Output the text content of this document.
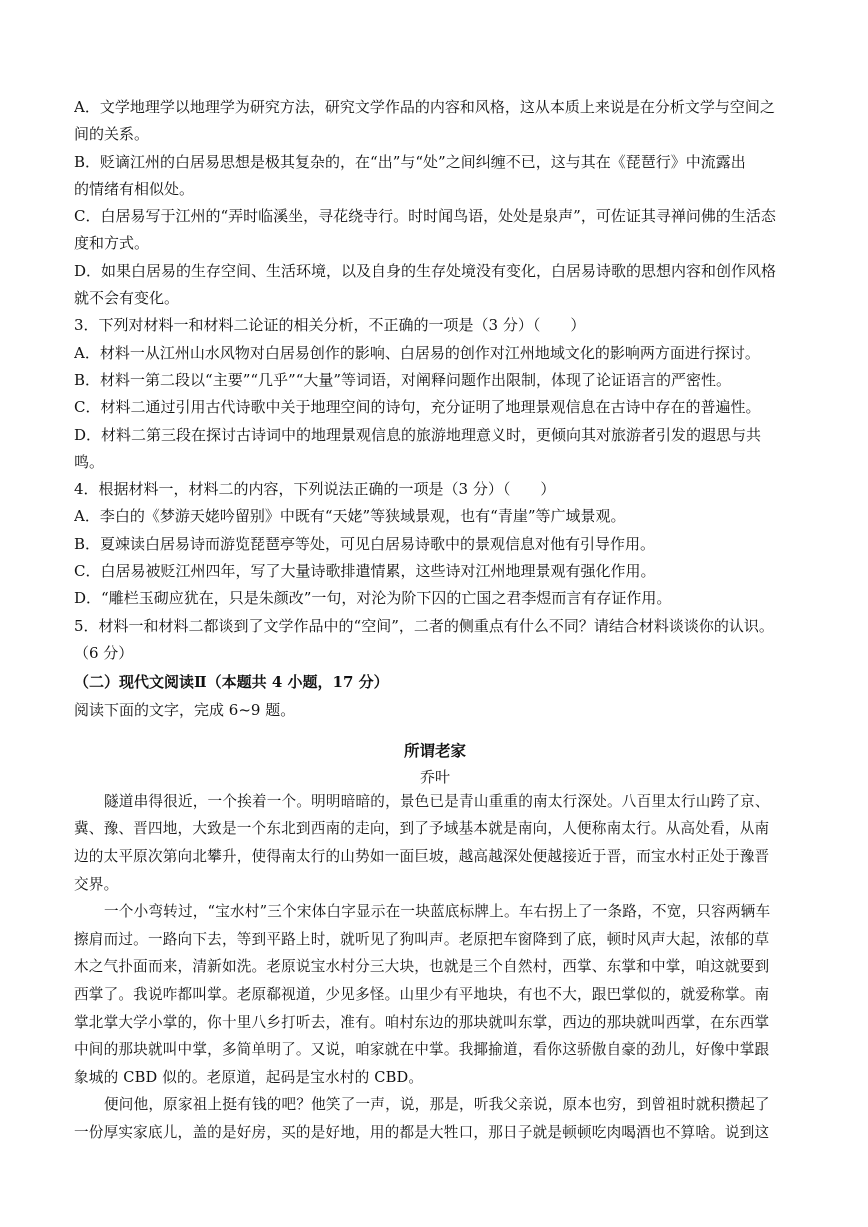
A．文学地理学以地理学为研究方法，研究文学作品的内容和风格，这从本质上来说是在分析文学与空间之

间的关系。

B．贬谪江州的白居易思想是极其复杂的，在“出”与“处”之间纠缠不已，这与其在《琵琶行》中流露出

的情绪有相似处。

C．白居易写于江州的“弄时临溪坐，寻花绕寺行。时时闻鸟语，处处是泉声”，可佐证其寻禅问佛的生活态

度和方式。

D．如果白居易的生存空间、生活环境，以及自身的生存处境没有变化，白居易诗歌的思想内容和创作风格

就不会有变化。

3．下列对材料一和材料二论证的相关分析，不正确的一项是（3 分）（　　）

A．材料一从江州山水风物对白居易创作的影响、白居易的创作对江州地域文化的影响两方面进行探讨。

B．材料一第二段以“主要”“几乎”“大量”等词语，对阐释问题作出限制，体现了论证语言的严密性。

C．材料二通过引用古代诗歌中关于地理空间的诗句，充分证明了地理景观信息在古诗中存在的普遍性。

D．材料二第三段在探讨古诗词中的地理景观信息的旅游地理意义时，更倾向其对旅游者引发的遐思与共

鸣。

4．根据材料一，材料二的内容，下列说法正确的一项是（3 分）（　　）

A．李白的《梦游天姥吟留别》中既有“天姥”等狭域景观，也有“青崖”等广域景观。

B．夏竦读白居易诗而游览琵琶亭等处，可见白居易诗歌中的景观信息对他有引导作用。

C．白居易被贬江州四年，写了大量诗歌排遣情累，这些诗对江州地理景观有强化作用。

D．“雕栏玉砌应犹在，只是朱颜改”一句，对沦为阶下囚的亡国之君李煜而言有存证作用。

5．材料一和材料二都谈到了文学作品中的“空间”，二者的侧重点有什么不同？请结合材料谈谈你的认识。

（6 分）

（二）现代文阅读Ⅱ（本题共 4 小题，17 分）

阅读下面的文字，完成 6~9 题。

所谓老家

乔叶

隧道串得很近，一个挨着一个。明明暗暗的，景色已是青山重重的南太行深处。八百里太行山跨了京、

冀、豫、晋四地，大致是一个东北到西南的走向，到了予域基本就是南向，人便称南太行。从高处看，从南

边的太平原次第向北攀升，使得南太行的山势如一面巨坡，越高越深处便越接近于晋，而宝水村正处于豫晋

交界。

一个小弯转过，“宝水村”三个宋体白字显示在一块蓝底标牌上。车右拐上了一条路，不宽，只容两辆车

擦肩而过。一路向下去，等到平路上时，就听见了狗叫声。老原把车窗降到了底，顿时风声大起，浓郁的草

木之气扑面而来，清新如洗。老原说宝水村分三大块，也就是三个自然村，西掌、东掌和中掌，咱这就要到

西掌了。我说咋都叫掌。老原郗视道，少见多怪。山里少有平地块，有也不大，跟巴掌似的，就爱称掌。南

掌北掌大学小掌的，你十里八乡打听去，准有。咱村东边的那块就叫东掌，西边的那块就叫西掌，在东西掌

中间的那块就叫中掌，多简单明了。又说，咱家就在中掌。我揶揄道，看你这骄傲自豪的劲儿，好像中掌跟

象城的 CBD 似的。老原道，起码是宝水村的 CBD。

便问他，原家祖上挺有钱的吧？他笑了一声，说，那是，听我父亲说，原本也穷，到曾祖时就积攒起了

一份厚实家底儿，盖的是好房，买的是好地，用的都是大牲口，那日子就是顿顿吃肉喝酒也不算啥。说到这
